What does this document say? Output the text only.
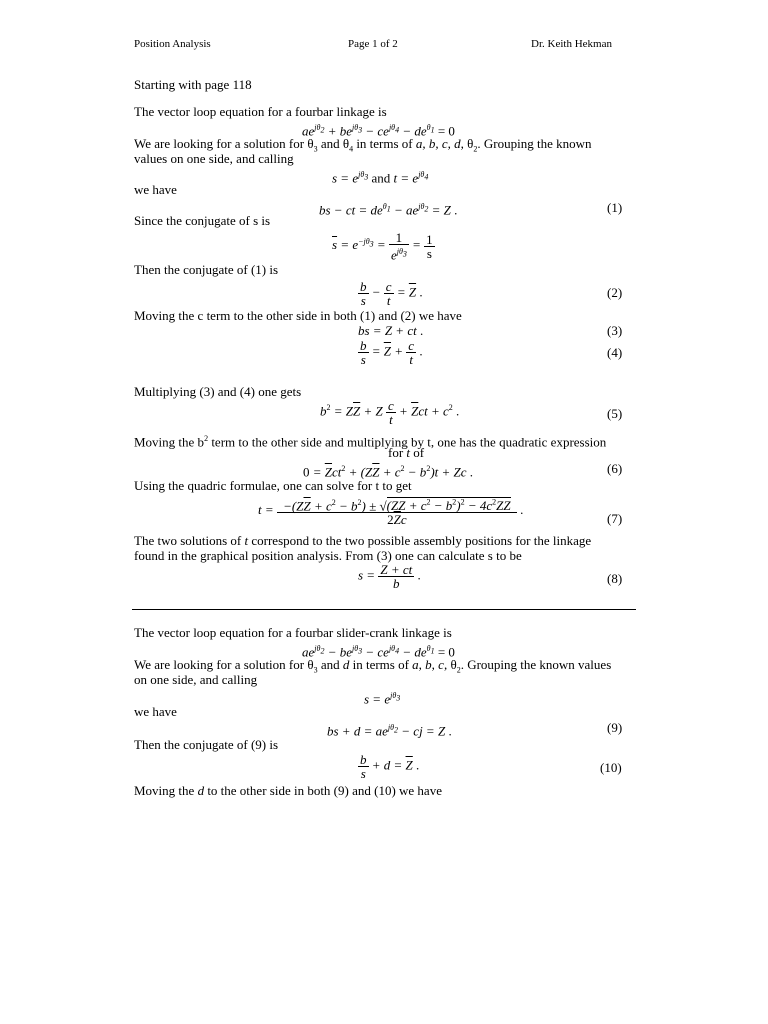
Position Analysis	Page 1 of 2	Dr. Keith Hekman
Starting with page 118
The vector loop equation for a fourbar linkage is
$ae^{j\theta_2} + be^{j\theta_3} - ce^{j\theta_4} - de^{\theta_1} = 0$
We are looking for a solution for $\theta_3$ and $\theta_4$ in terms of a, b, c, d, $\theta_2$. Grouping the known
values on one side, and calling
$s = e^{j\theta_3}$ and $t = e^{j\theta_4}$
we have
bs − ct = $de^{\theta_1} - ae^{j\theta_2} = Z$ .	(1)
Since the conjugate of s is
$\overline{s} = e^{-j\theta_3} = \frac{1}{e^{j\theta_3}} = \frac{1}{s}$
Then the conjugate of (1) is
$\frac{b}{s} - \frac{c}{t} = \overline{Z}$ .	(2)
Moving the c term to the other side in both (1) and (2) we have
bs = Z + ct .	(3)
$\frac{b}{s} = \overline{Z} + \frac{c}{t}$ .	(4)
Multiplying (3) and (4) one gets
$b^2 = Z\overline{Z} + Z \frac{c}{t} + \overline{Z}ct + c^2$ .	(5)
Moving the $b^2$ term to the other side and multiplying by t, one has the quadratic expression
for t of
$0 = \overline{Z}ct^2 + (Z\overline{Z} + c^2 - b^2)t + Zc$ .	(6)
Using the quadric formulae, one can solve for t to get
$t = \frac{-(Z\overline{Z} + c^2 - b^2) \pm √(Z\overline{Z} + c^2 - b^2)^2 - 4c^2Z\overline{Z}}{2\overline{Z}c}$ .
(7)
The two solutions of t correspond to the two possible assembly positions for the linkage
found in the graphical position analysis. From (3) one can calculate s to be
$s = \frac{Z + ct}{b}$ .	(8)
The vector loop equation for a fourbar slider-crank linkage is
$ae^{j\theta_2} - be^{j\theta_3} - ce^{j\theta_4} - de^{\theta_1} = 0$
We are looking for a solution for $\theta_3$ and d in terms of a, b, c, $\theta_2$. Grouping the known values
on one side, and calling
$s = e^{j\theta_3}$
we have
bs + $d = ae^{j\theta_2}$ − cj = Z .	(9)
Then the conjugate of (9) is
$\frac{b}{s} + d = \overline{Z}$ .	(10)
Moving the d to the other side in both (9) and (10) we have
